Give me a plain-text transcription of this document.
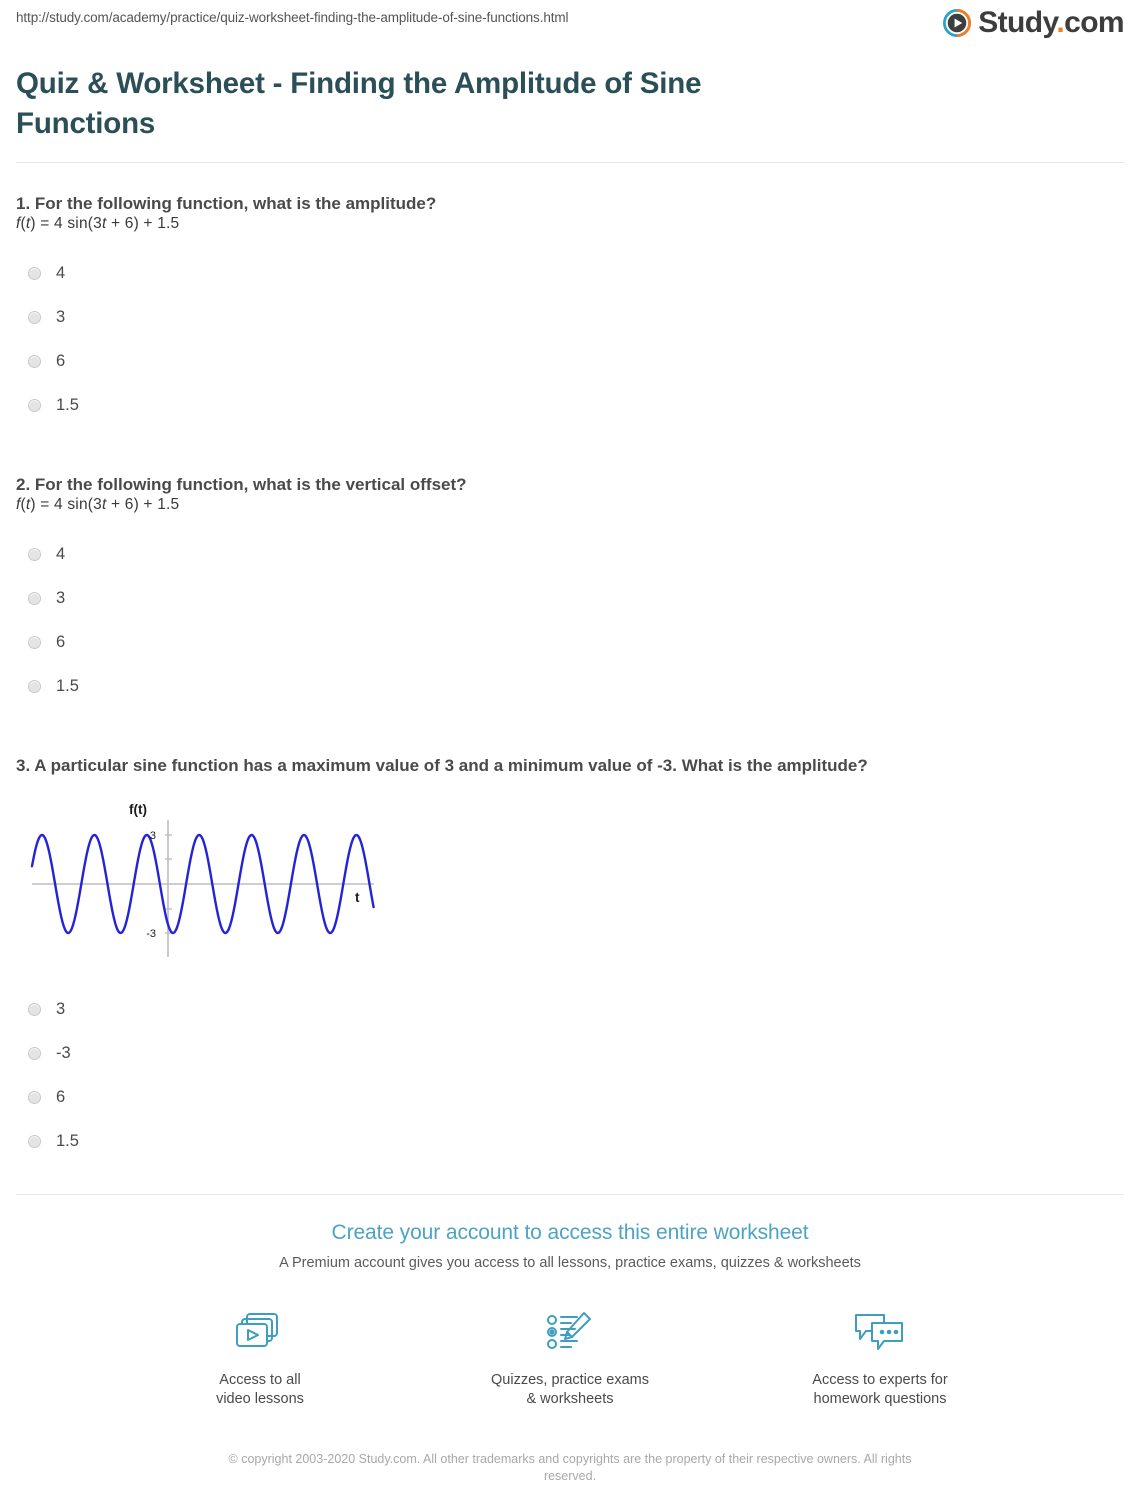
http://study.com/academy/practice/quiz-worksheet-finding-the-amplitude-of-sine-functions.html	Study.com
Quiz & Worksheet - Finding the Amplitude of Sine Functions
1. For the following function, what is the amplitude?
f(t) = 4 sin(3t + 6) + 1.5
4
3
6
1.5
2. For the following function, what is the vertical offset?
f(t) = 4 sin(3t + 6) + 1.5
4
3
6
1.5
3. A particular sine function has a maximum value of 3 and a minimum value of -3. What is the amplitude?
f(t)
t
3
-3
3
-3
6
1.5
Create your account to access this entire worksheet
A Premium account gives you access to all lessons, practice exams, quizzes & worksheets
Access to all
video lessons
Quizzes, practice exams
& worksheets
Access to experts for
homework questions
© copyright 2003-2020 Study.com. All other trademarks and copyrights are the property of their respective owners. All rights reserved.
